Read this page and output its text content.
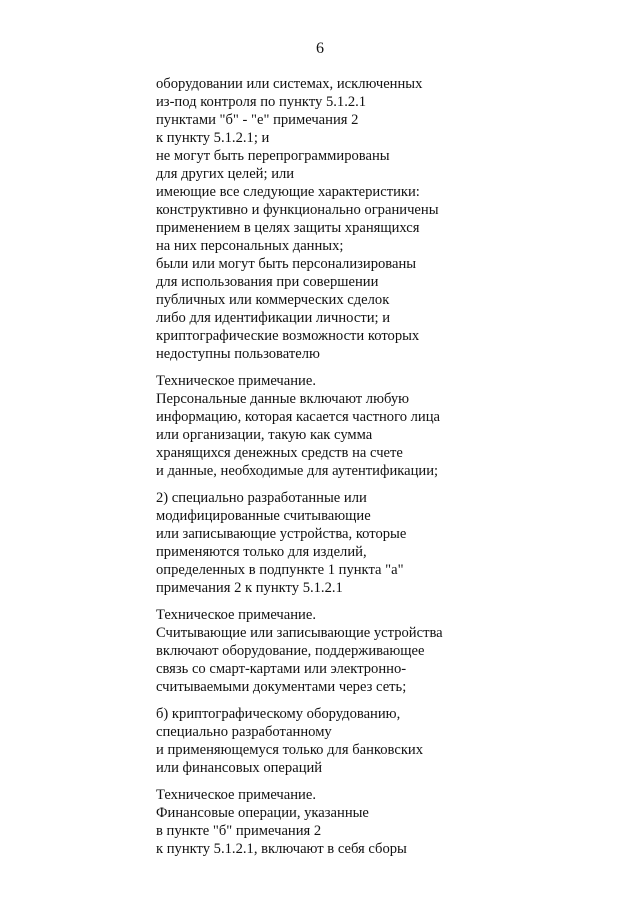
6
оборудовании или системах, исключенных
из-под контроля по пункту 5.1.2.1
пунктами "б" - "е" примечания 2
к пункту 5.1.2.1; и
не могут быть перепрограммированы
для других целей; или
имеющие все следующие характеристики:
конструктивно и функционально ограничены
применением в целях защиты хранящихся
на них персональных данных;
были или могут быть персонализированы
для использования при совершении
публичных или коммерческих сделок
либо для идентификации личности; и
криптографические возможности которых
недоступны пользователю
Техническое примечание.
Персональные данные включают любую
информацию, которая касается частного лица
или организации, такую как сумма
хранящихся денежных средств на счете
и данные, необходимые для аутентификации;
2) специально разработанные или
модифицированные считывающие
или записывающие устройства, которые
применяются только для изделий,
определенных в подпункте 1 пункта "а"
примечания 2 к пункту 5.1.2.1
Техническое примечание.
Считывающие или записывающие устройства
включают оборудование, поддерживающее
связь со смарт-картами или электронно-
считываемыми документами через сеть;
б) криптографическому оборудованию,
специально разработанному
и применяющемуся только для банковских
или финансовых операций
Техническое примечание.
Финансовые операции, указанные
в пункте "б" примечания 2
к пункту 5.1.2.1, включают в себя сборы
